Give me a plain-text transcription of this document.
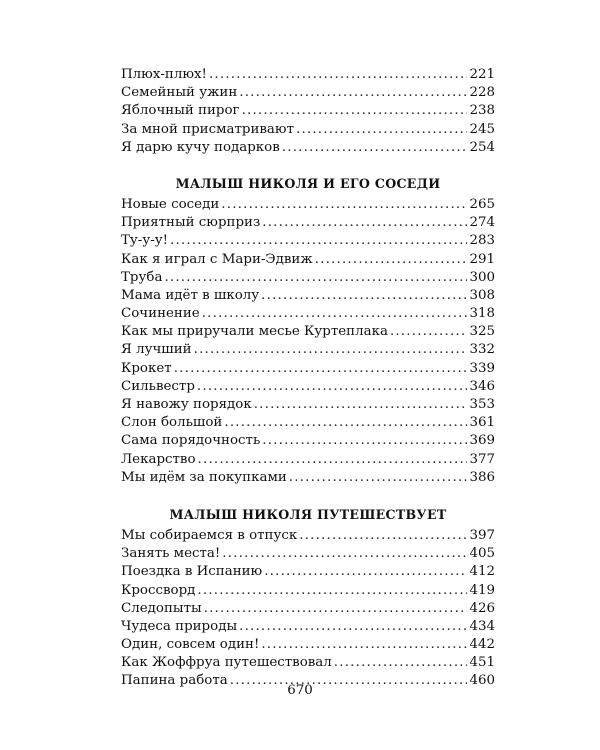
Плюх-плюх! .....	221
Семейный ужин .....	228
Яблочный пирог .....	238
За мной присматривают .....	245
Я дарю кучу подарков .....	254
МАЛЫШ НИКОЛЯ И ЕГО СОСЕДИ
Новые соседи .....	265
Приятный сюрприз .....	274
Ту-у-у! .....	283
Как я играл с Мари-Эдвиж .....	291
Труба .....	300
Мама идёт в школу .....	308
Сочинение .....	318
Как мы приручали месье Куртеплака .....	325
Я лучший .....	332
Крокет .....	339
Сильвестр .....	346
Я навожу порядок .....	353
Слон большой .....	361
Сама порядочность .....	369
Лекарство .....	377
Мы идём за покупками .....	386
МАЛЫШ НИКОЛЯ ПУТЕШЕСТВУЕТ
Мы собираемся в отпуск .....	397
Занять места! .....	405
Поездка в Испанию .....	412
Кроссворд .....	419
Следопыты .....	426
Чудеса природы .....	434
Один, совсем один! .....	442
Как Жоффруа путешествовал .....	451
Папина работа .....	460
670
